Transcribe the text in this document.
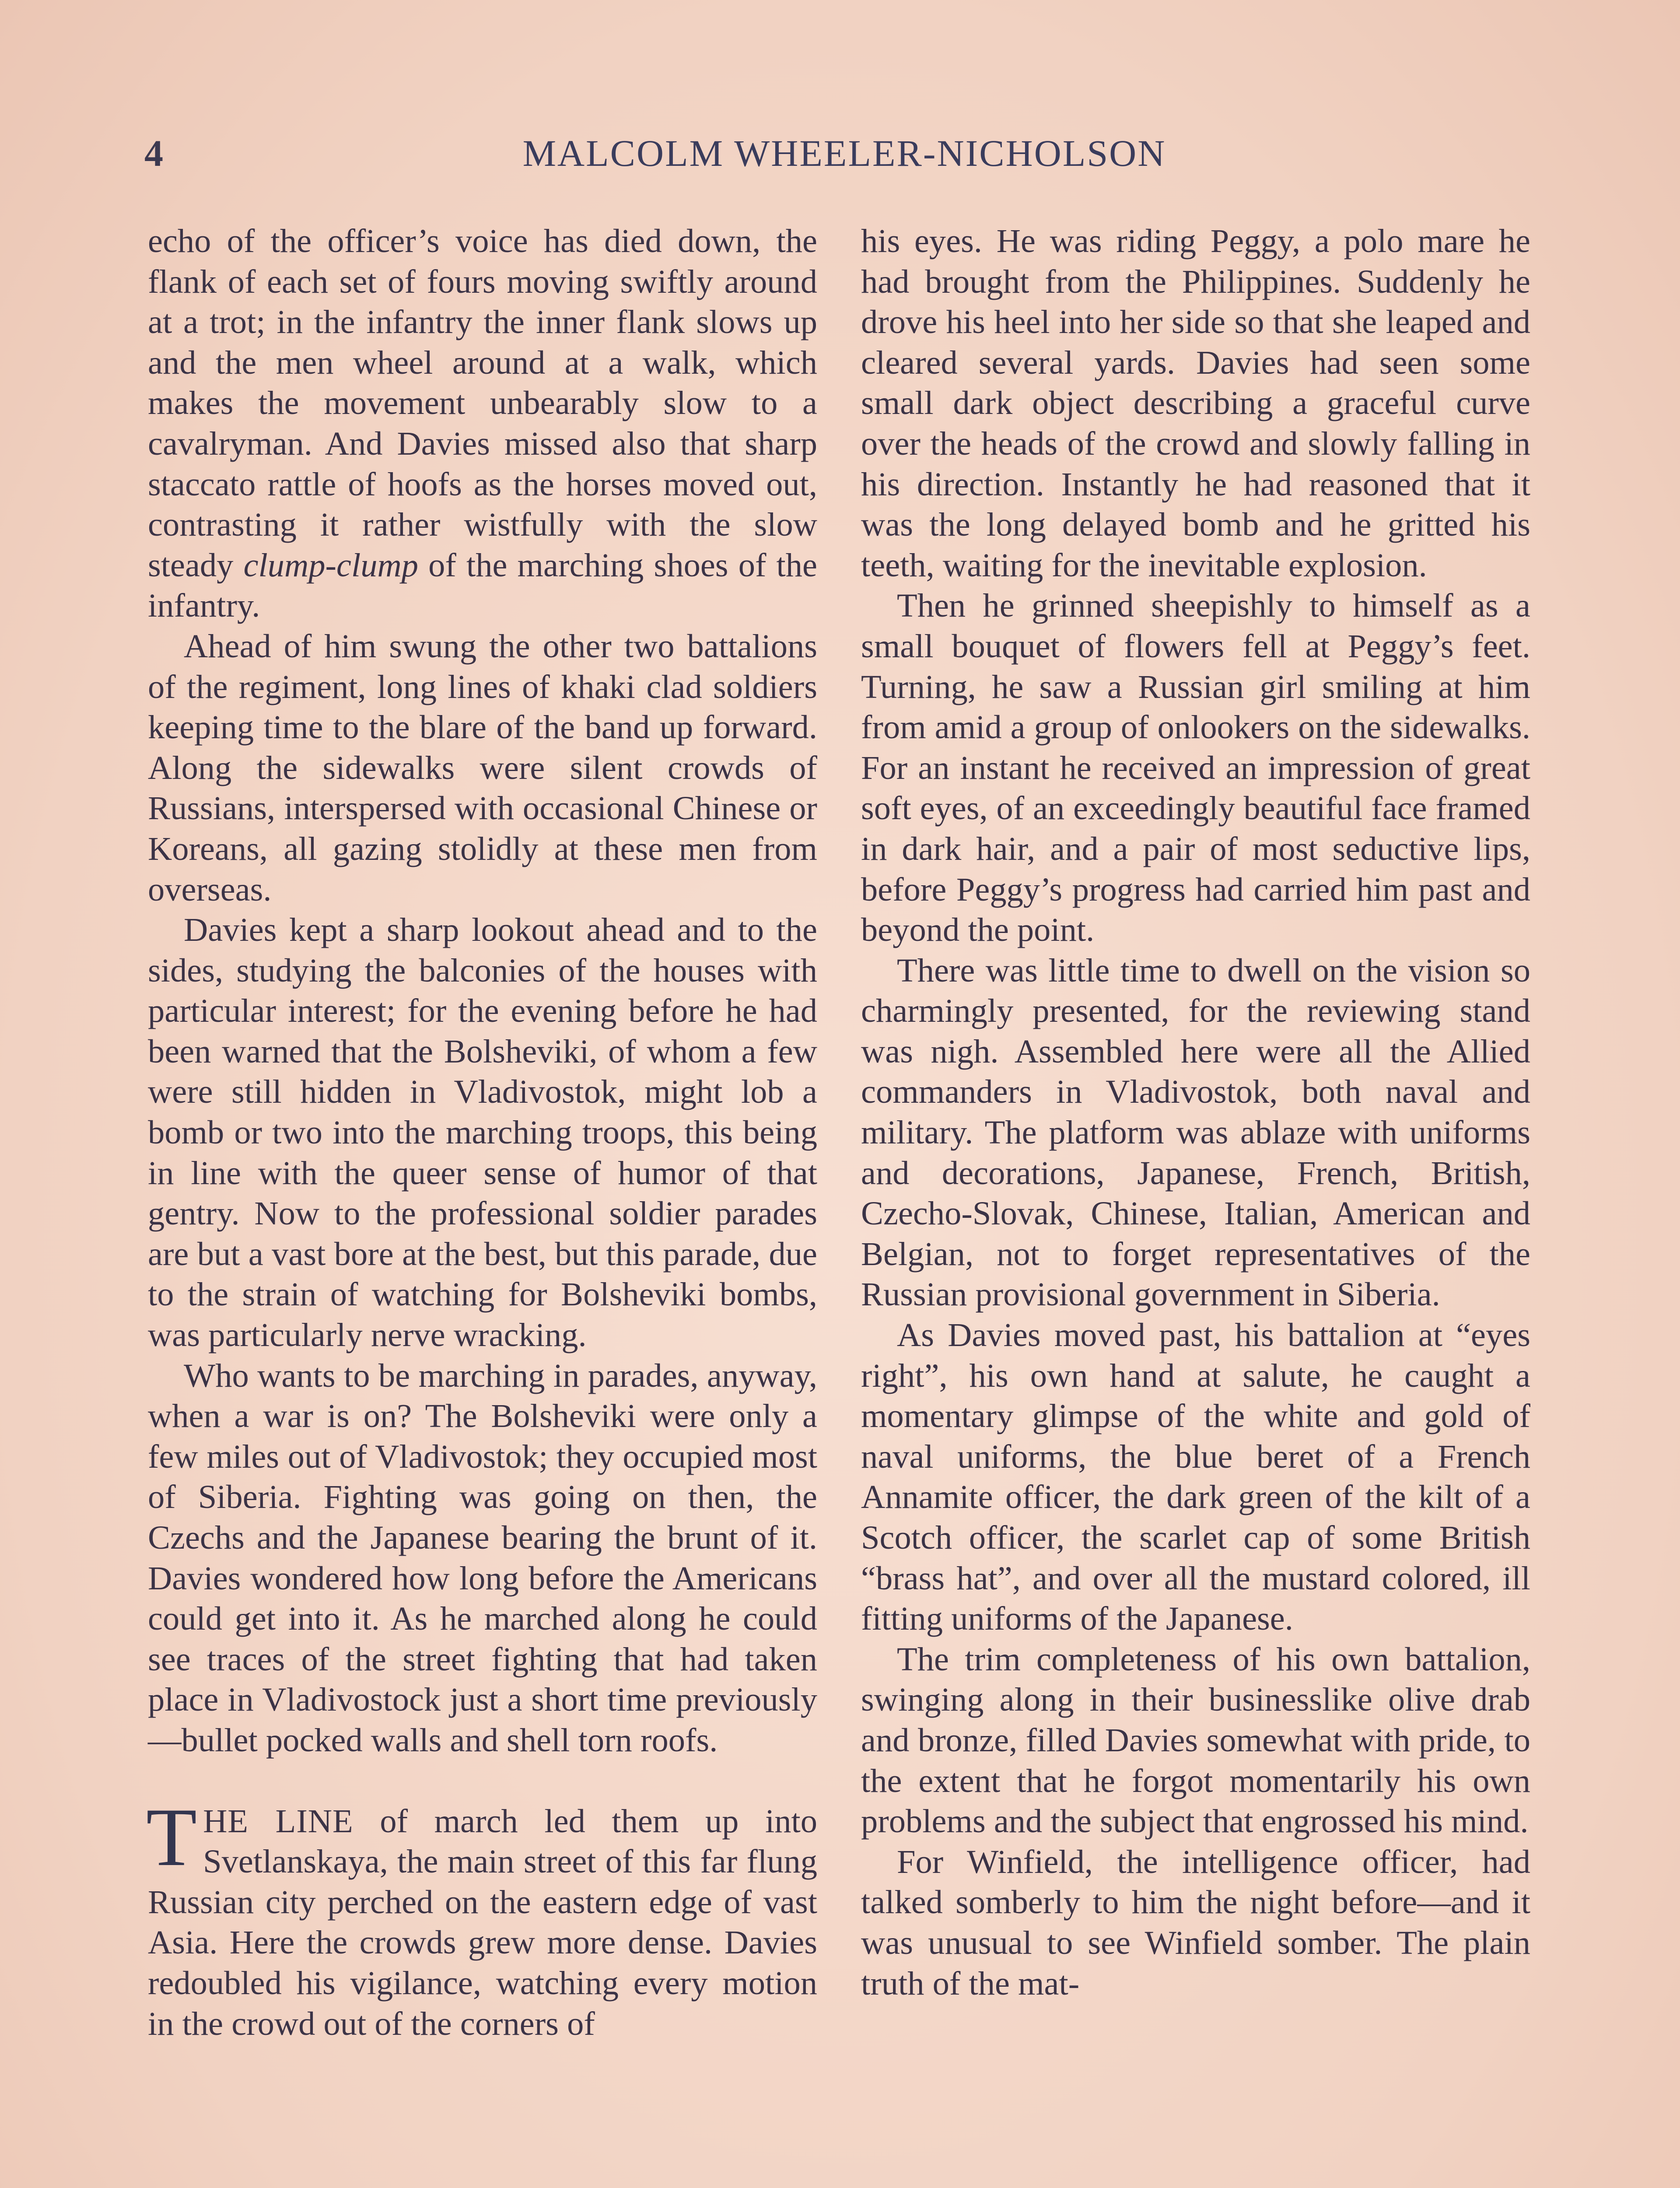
4	MALCOLM WHEELER-NICHOLSON

echo of the officer’s voice has died down, the flank of each set of fours moving swiftly around at a trot; in the infantry the inner flank slows up and the men wheel around at a walk, which makes the movement unbearably slow to a cavalryman. And Davies missed also that sharp staccato rattle of hoofs as the horses moved out, contrasting it rather wistfully with the slow steady clump-clump of the marching shoes of the infantry.

Ahead of him swung the other two battalions of the regiment, long lines of khaki clad soldiers keeping time to the blare of the band up forward. Along the sidewalks were silent crowds of Russians, interspersed with occasional Chinese or Koreans, all gazing stolidly at these men from overseas.

Davies kept a sharp lookout ahead and to the sides, studying the balconies of the houses with particular interest; for the evening before he had been warned that the Bolsheviki, of whom a few were still hidden in Vladivostok, might lob a bomb or two into the marching troops, this being in line with the queer sense of humor of that gentry. Now to the professional soldier parades are but a vast bore at the best, but this parade, due to the strain of watching for Bolsheviki bombs, was particularly nerve wracking.

Who wants to be marching in parades, anyway, when a war is on? The Bolsheviki were only a few miles out of Vladivostok; they occupied most of Siberia. Fighting was going on then, the Czechs and the Japanese bearing the brunt of it. Davies wondered how long before the Americans could get into it. As he marched along he could see traces of the street fighting that had taken place in Vladivostock just a short time previously—bullet pocked walls and shell torn roofs.

THE LINE of march led them up into Svetlanskaya, the main street of this far flung Russian city perched on the eastern edge of vast Asia. Here the crowds grew more dense. Davies redoubled his vigilance, watching every motion in the crowd out of the corners of

his eyes. He was riding Peggy, a polo mare he had brought from the Philippines. Suddenly he drove his heel into her side so that she leaped and cleared several yards. Davies had seen some small dark object describing a graceful curve over the heads of the crowd and slowly falling in his direction. Instantly he had reasoned that it was the long delayed bomb and he gritted his teeth, waiting for the inevitable explosion.

Then he grinned sheepishly to himself as a small bouquet of flowers fell at Peggy’s feet. Turning, he saw a Russian girl smiling at him from amid a group of onlookers on the sidewalks. For an instant he received an impression of great soft eyes, of an exceedingly beautiful face framed in dark hair, and a pair of most seductive lips, before Peggy’s progress had carried him past and beyond the point.

There was little time to dwell on the vision so charmingly presented, for the reviewing stand was nigh. Assembled here were all the Allied commanders in Vladivostok, both naval and military. The platform was ablaze with uniforms and decorations, Japanese, French, British, Czecho-Slovak, Chinese, Italian, American and Belgian, not to forget representatives of the Russian provisional government in Siberia.

As Davies moved past, his battalion at “eyes right”, his own hand at salute, he caught a momentary glimpse of the white and gold of naval uniforms, the blue beret of a French Annamite officer, the dark green of the kilt of a Scotch officer, the scarlet cap of some British “brass hat”, and over all the mustard colored, ill fitting uniforms of the Japanese.

The trim completeness of his own battalion, swinging along in their businesslike olive drab and bronze, filled Davies somewhat with pride, to the extent that he forgot momentarily his own problems and the subject that engrossed his mind.

For Winfield, the intelligence officer, had talked somberly to him the night before—and it was unusual to see Winfield somber. The plain truth of the mat-
